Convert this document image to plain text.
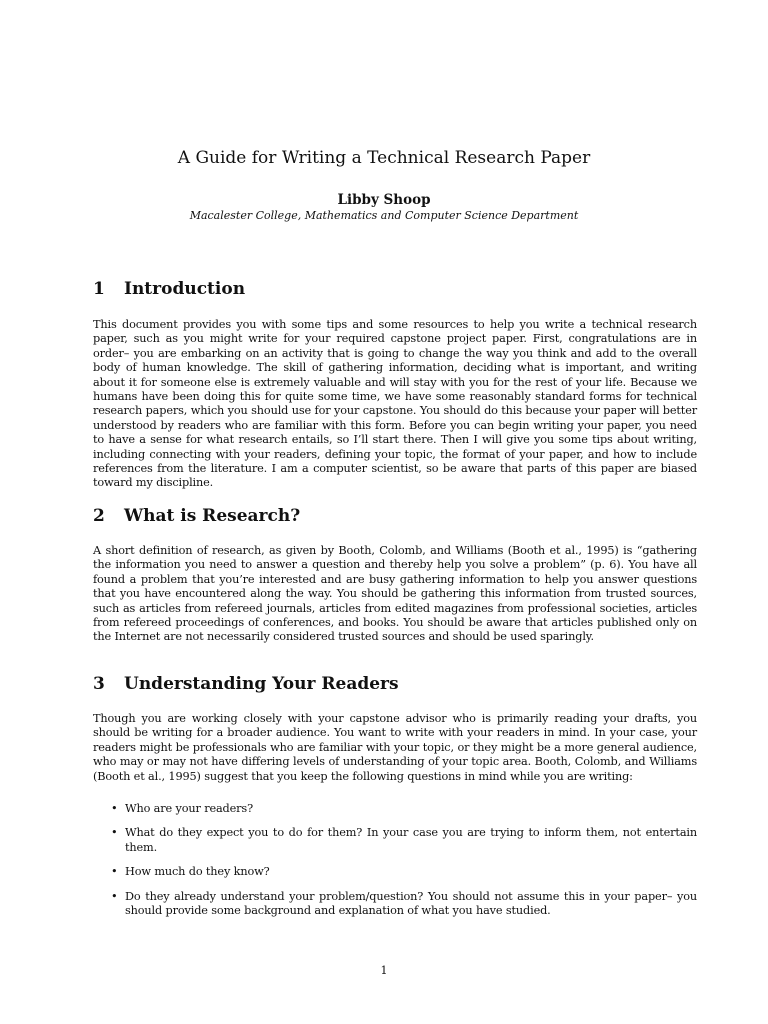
A Guide for Writing a Technical Research Paper
Libby Shoop
Macalester College, Mathematics and Computer Science Department
1 Introduction

This document provides you with some tips and some resources to help you write a technical research paper, such as you might write for your required capstone project paper. First, congratulations are in order– you are embarking on an activity that is going to change the way you think and add to the overall body of human knowledge. The skill of gathering information, deciding what is important, and writing about it for someone else is extremely valuable and will stay with you for the rest of your life. Because we humans have been doing this for quite some time, we have some reasonably standard forms for technical research papers, which you should use for your capstone. You should do this because your paper will better understood by readers who are familiar with this form. Before you can begin writing your paper, you need to have a sense for what research entails, so I’ll start there. Then I will give you some tips about writing, including connecting with your readers, defining your topic, the format of your paper, and how to include references from the literature. I am a computer scientist, so be aware that parts of this paper are biased toward my discipline.

2 What is Research?

A short definition of research, as given by Booth, Colomb, and Williams (Booth et al., 1995) is “gathering the information you need to answer a question and thereby help you solve a problem” (p. 6). You have all found a problem that you’re interested and are busy gathering information to help you answer questions that you have encountered along the way. You should be gathering this information from trusted sources, such as articles from refereed journals, articles from edited magazines from professional societies, articles from refereed proceedings of conferences, and books. You should be aware that articles published only on the Internet are not necessarily considered trusted sources and should be used sparingly.

3 Understanding Your Readers

Though you are working closely with your capstone advisor who is primarily reading your drafts, you should be writing for a broader audience. You want to write with your readers in mind. In your case, your readers might be professionals who are familiar with your topic, or they might be a more general audience, who may or may not have differing levels of understanding of your topic area. Booth, Colomb, and Williams (Booth et al., 1995) suggest that you keep the following questions in mind while you are writing:

• Who are your readers?
• What do they expect you to do for them? In your case you are trying to inform them, not entertain them.
• How much do they know?
• Do they already understand your problem/question? You should not assume this in your paper– you should provide some background and explanation of what you have studied.
1
